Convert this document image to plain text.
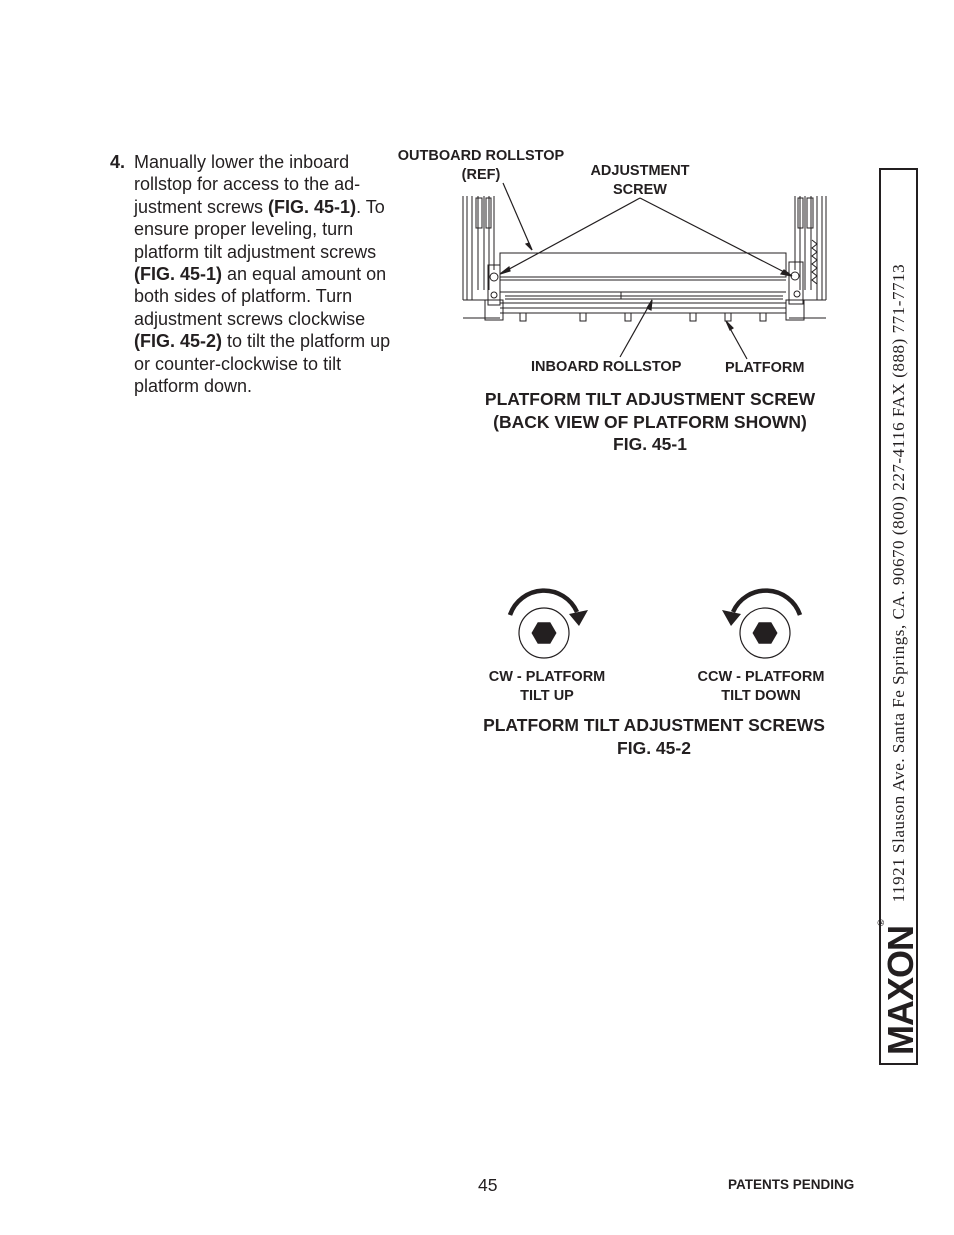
4. Manually lower the inboard rollstop for access to the ad-justment screws (FIG. 45-1). To ensure proper leveling, turn platform tilt adjustment screws (FIG. 45-1) an equal amount on both sides of platform. Turn adjustment screws clockwise (FIG. 45-2) to tilt the platform up or counter-clockwise to tilt platform down.
OUTBOARD ROLLSTOP
(REF)	ADJUSTMENT
SCREW
INBOARD ROLLSTOP	PLATFORM
PLATFORM TILT ADJUSTMENT SCREW
(BACK VIEW OF PLATFORM SHOWN)
FIG. 45-1
CW - PLATFORM
TILT UP
CCW - PLATFORM
TILT DOWN
PLATFORM TILT ADJUSTMENT SCREWS
FIG. 45-2
MAXON®
11921 Slauson Ave. Santa Fe Springs, CA. 90670 (800) 227-4116 FAX (888) 771-7713
45	PATENTS PENDING
